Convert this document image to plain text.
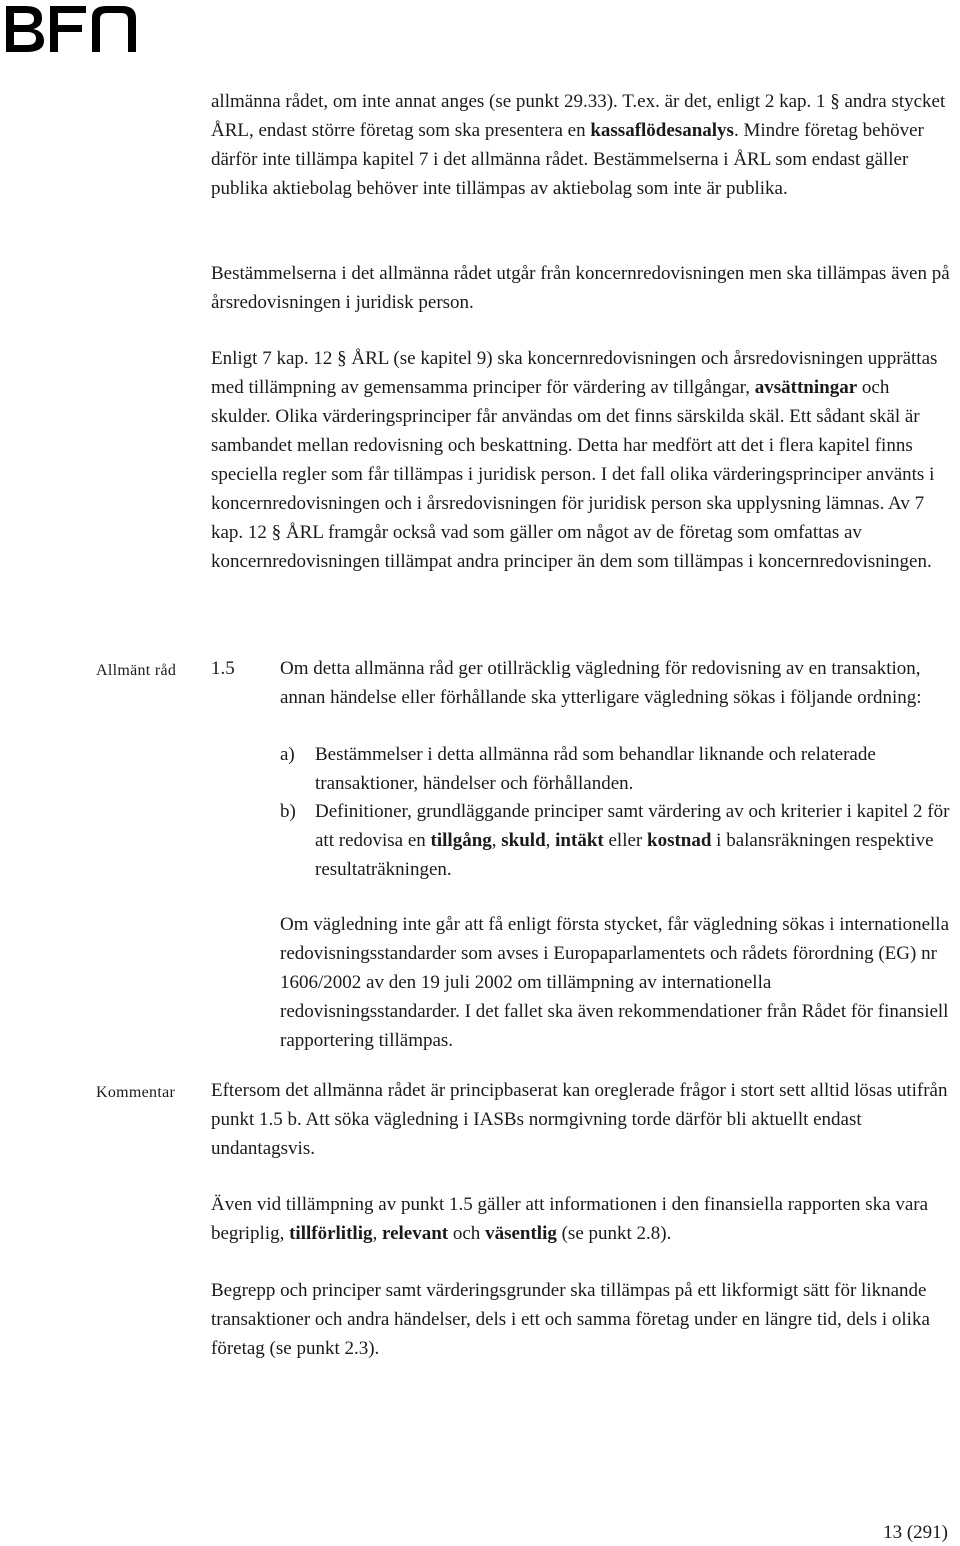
allmänna rådet, om inte annat anges (se punkt 29.33). T.ex. är det, enligt 2 kap. 1 § andra stycket ÅRL, endast större företag som ska presentera en kassaflödesanalys. Mindre företag behöver därför inte tillämpa kapitel 7 i det allmänna rådet. Bestämmelserna i ÅRL som endast gäller publika aktiebolag behöver inte tillämpas av aktiebolag som inte är publika.

Bestämmelserna i det allmänna rådet utgår från koncernredovisningen men ska tillämpas även på årsredovisningen i juridisk person.

Enligt 7 kap. 12 § ÅRL (se kapitel 9) ska koncernredovisningen och årsredovisningen upprättas med tillämpning av gemensamma principer för värdering av tillgångar, avsättningar och skulder. Olika värderingsprinciper får användas om det finns särskilda skäl. Ett sådant skäl är sambandet mellan redovisning och beskattning. Detta har medfört att det i flera kapitel finns speciella regler som får tillämpas i juridisk person. I det fall olika värderingsprinciper använts i koncernredovisningen och i årsredovisningen för juridisk person ska upplysning lämnas. Av 7 kap. 12 § ÅRL framgår också vad som gäller om något av de företag som omfattas av koncernredovisningen tillämpat andra principer än dem som tillämpas i koncernredovisningen.

Allmänt råd 1.5 Om detta allmänna råd ger otillräcklig vägledning för redovisning av en transaktion, annan händelse eller förhållande ska ytterligare vägledning sökas i följande ordning:

a) Bestämmelser i detta allmänna råd som behandlar liknande och relaterade transaktioner, händelser och förhållanden.

b) Definitioner, grundläggande principer samt värdering av och kriterier i kapitel 2 för att redovisa en tillgång, skuld, intäkt eller kostnad i balansräkningen respektive resultaträkningen.

Om vägledning inte går att få enligt första stycket, får vägledning sökas i internationella redovisningsstandarder som avses i Europaparlamentets och rådets förordning (EG) nr 1606/2002 av den 19 juli 2002 om tillämpning av internationella redovisningsstandarder. I det fallet ska även rekommendationer från Rådet för finansiell rapportering tillämpas.

Kommentar Eftersom det allmänna rådet är principbaserat kan oreglerade frågor i stort sett alltid lösas utifrån punkt 1.5 b. Att söka vägledning i IASBs normgivning torde därför bli aktuellt endast undantagsvis.

Även vid tillämpning av punkt 1.5 gäller att informationen i den finansiella rapporten ska vara begriplig, tillförlitlig, relevant och väsentlig (se punkt 2.8).

Begrepp och principer samt värderingsgrunder ska tillämpas på ett likformigt sätt för liknande transaktioner och andra händelser, dels i ett och samma företag under en längre tid, dels i olika företag (se punkt 2.3).

13 (291)
